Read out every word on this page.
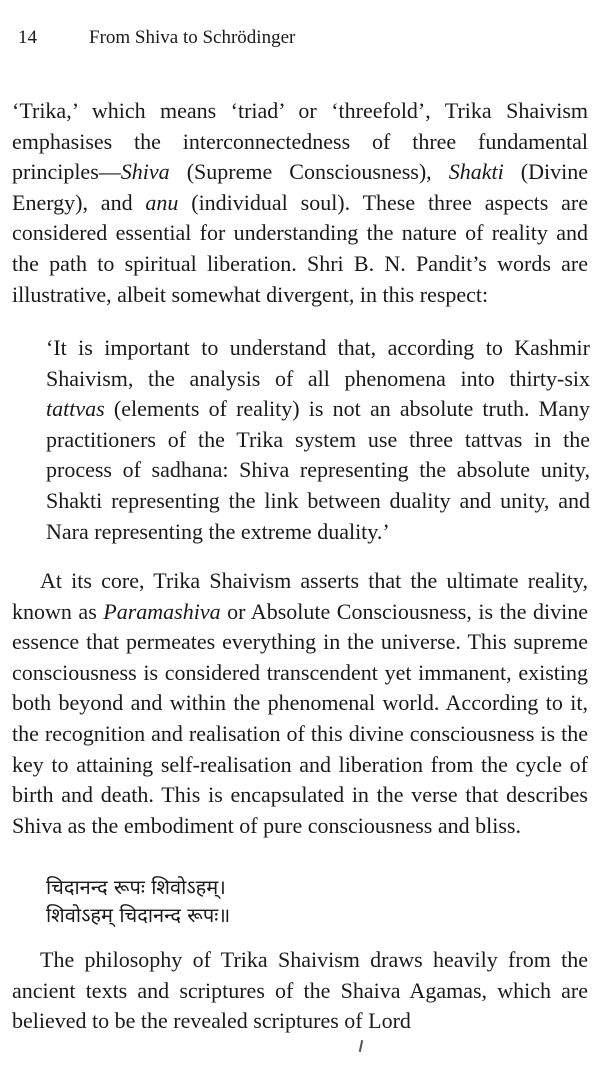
14	From Shiva to Schrödinger

‘Trika,’ which means ‘triad’ or ‘threefold’, Trika Shaivism emphasises the interconnectedness of three fundamental principles—Shiva (Supreme Consciousness), Shakti (Divine Energy), and anu (individual soul). These three aspects are considered essential for understanding the nature of reality and the path to spiritual liberation. Shri B. N. Pandit’s words are illustrative, albeit somewhat divergent, in this respect:

‘It is important to understand that, according to Kashmir Shaivism, the analysis of all phenomena into thirty-six tattvas (elements of reality) is not an absolute truth. Many practitioners of the Trika system use three tattvas in the process of sadhana: Shiva representing the absolute unity, Shakti representing the link between duality and unity, and Nara representing the extreme duality.’

At its core, Trika Shaivism asserts that the ultimate reality, known as Paramashiva or Absolute Consciousness, is the divine essence that permeates everything in the universe. This supreme consciousness is considered transcendent yet immanent, existing both beyond and within the phenomenal world. According to it, the recognition and realisation of this divine consciousness is the key to attaining self-realisation and liberation from the cycle of birth and death. This is encapsulated in the verse that describes Shiva as the embodiment of pure consciousness and bliss.

चिदानन्द रूपः शिवोऽहम्।
शिवोऽहम् चिदानन्द रूपः॥

The philosophy of Trika Shaivism draws heavily from the ancient texts and scriptures of the Shaiva Agamas, which are believed to be the revealed scriptures of Lord
